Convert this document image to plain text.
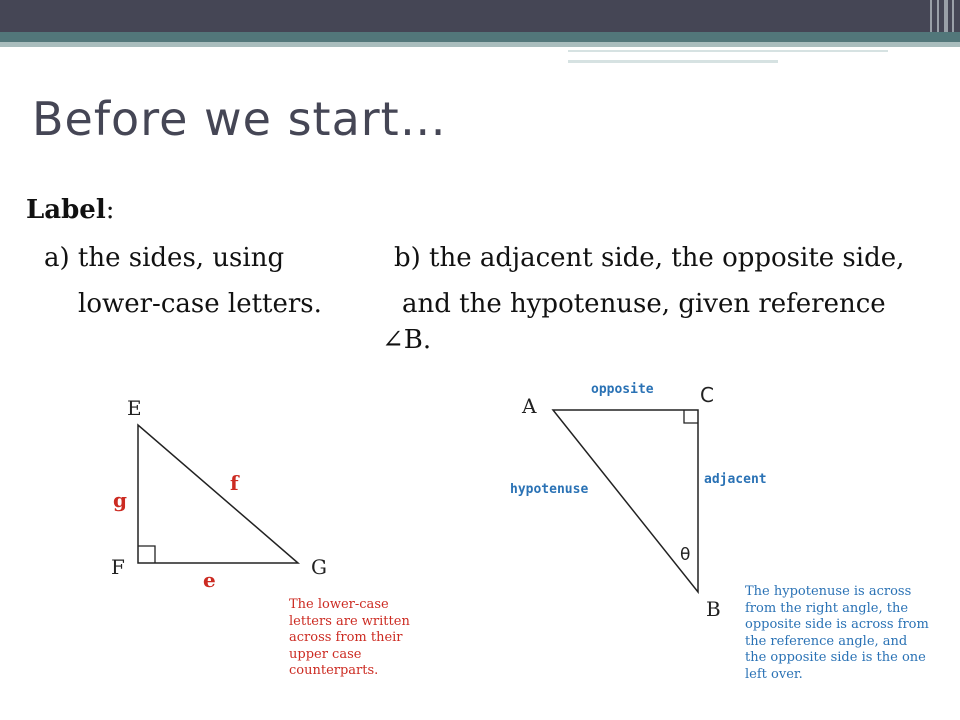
Before we start…
Label:
a) the sides, using
lower-case letters.
b) the adjacent side, the opposite side,
and the hypotenuse, given reference
∠B.
E
F	G
g
f
e
The lower-case letters are written across from their upper case counterparts.
A	C
B
opposite
adjacent
hypotenuse
θ
The hypotenuse is across from the right angle, the opposite side is across from the reference angle, and the opposite side is the one left over.
